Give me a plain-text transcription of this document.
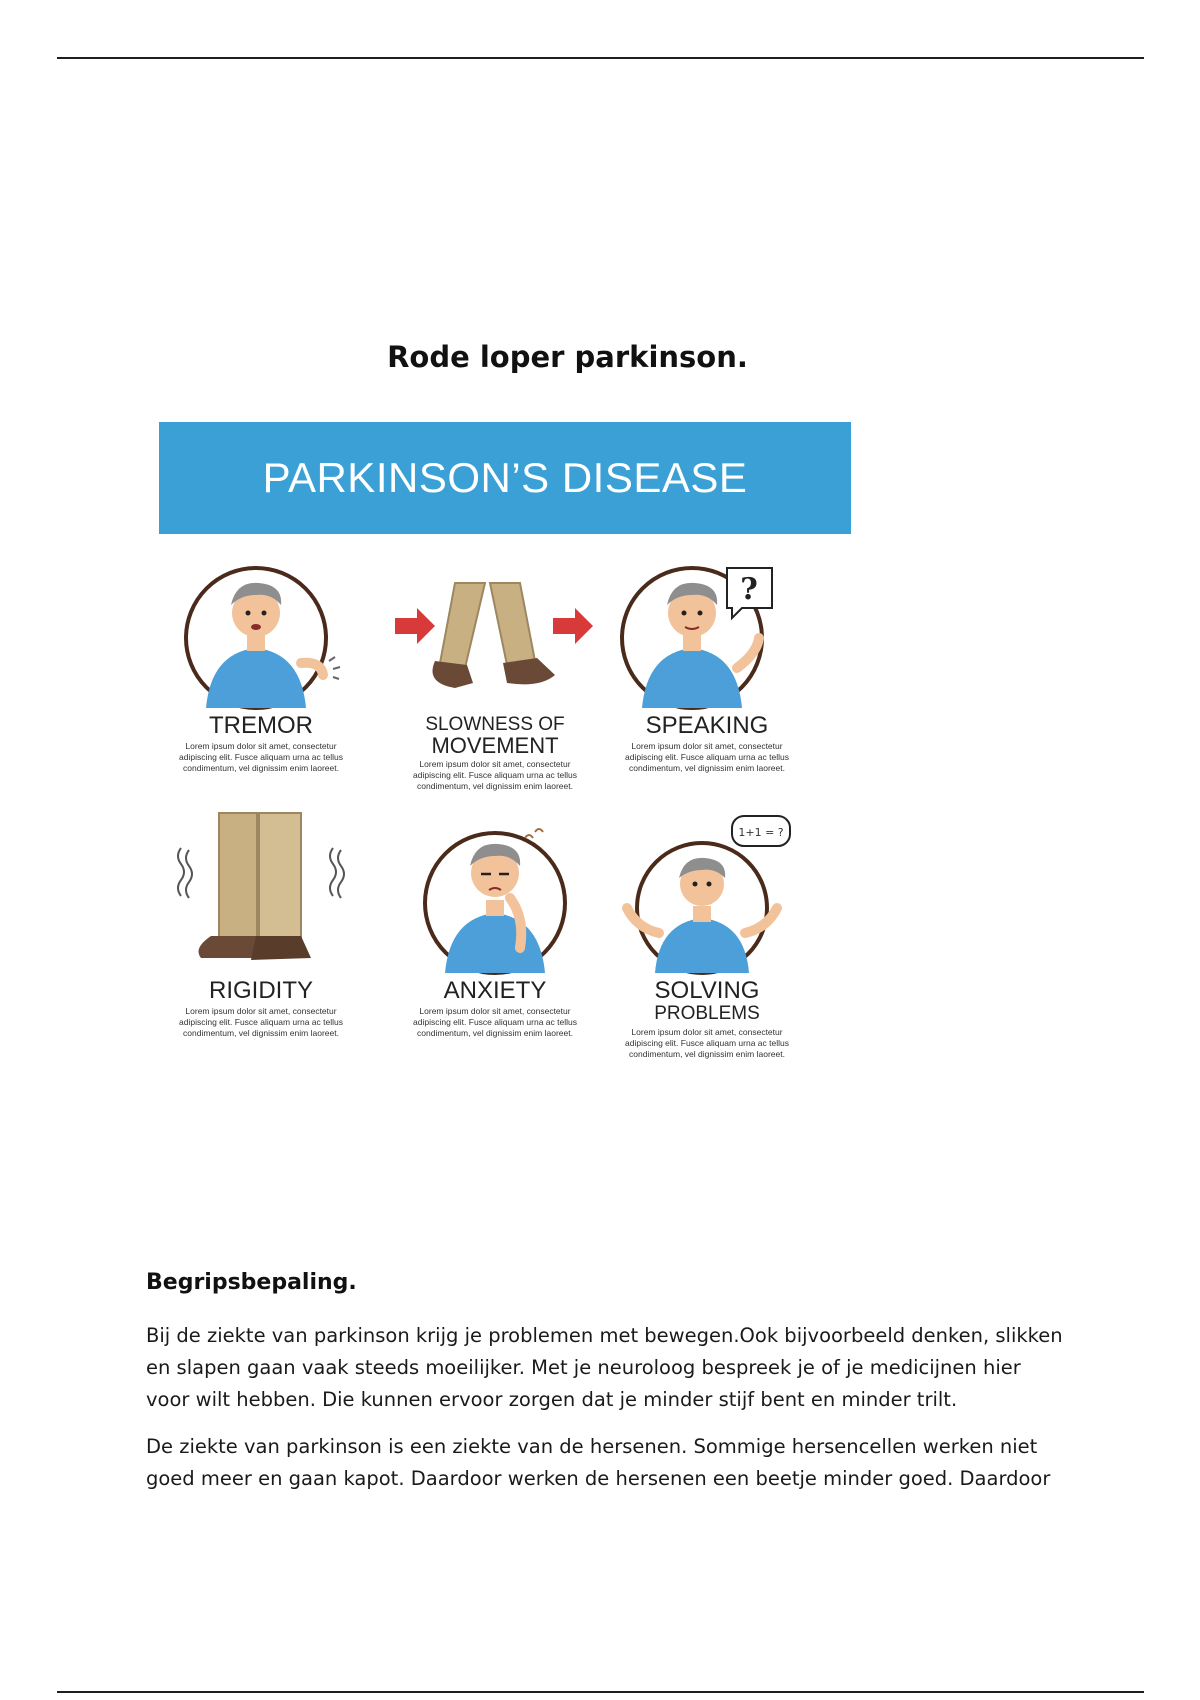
Rode loper parkinson.
PARKINSON’S DISEASE
TREMOR
Lorem ipsum dolor sit amet, consectetur adipiscing elit. Fusce aliquam urna ac tellus condimentum, vel dignissim enim laoreet.
SLOWNESS OF
MOVEMENT
Lorem ipsum dolor sit amet, consectetur adipiscing elit. Fusce aliquam urna ac tellus condimentum, vel dignissim enim laoreet.
?
SPEAKING
Lorem ipsum dolor sit amet, consectetur adipiscing elit. Fusce aliquam urna ac tellus condimentum, vel dignissim enim laoreet.
RIGIDITY
Lorem ipsum dolor sit amet, consectetur adipiscing elit. Fusce aliquam urna ac tellus condimentum, vel dignissim enim laoreet.
ANXIETY
Lorem ipsum dolor sit amet, consectetur adipiscing elit. Fusce aliquam urna ac tellus condimentum, vel dignissim enim laoreet.
1+1 = ?
SOLVING
PROBLEMS
Lorem ipsum dolor sit amet, consectetur adipiscing elit. Fusce aliquam urna ac tellus condimentum, vel dignissim enim laoreet.
Begripsbepaling.

Bij de ziekte van parkinson krijg je problemen met bewegen.Ook bijvoorbeeld denken, slikken en slapen gaan vaak steeds moeilijker. Met je neuroloog bespreek je of je medicijnen hier voor wilt hebben. Die kunnen ervoor zorgen dat je minder stijf bent en minder trilt.

De ziekte van parkinson is een ziekte van de hersenen. Sommige hersencellen werken niet goed meer en gaan kapot. Daardoor werken de hersenen een beetje minder goed. Daardoor
